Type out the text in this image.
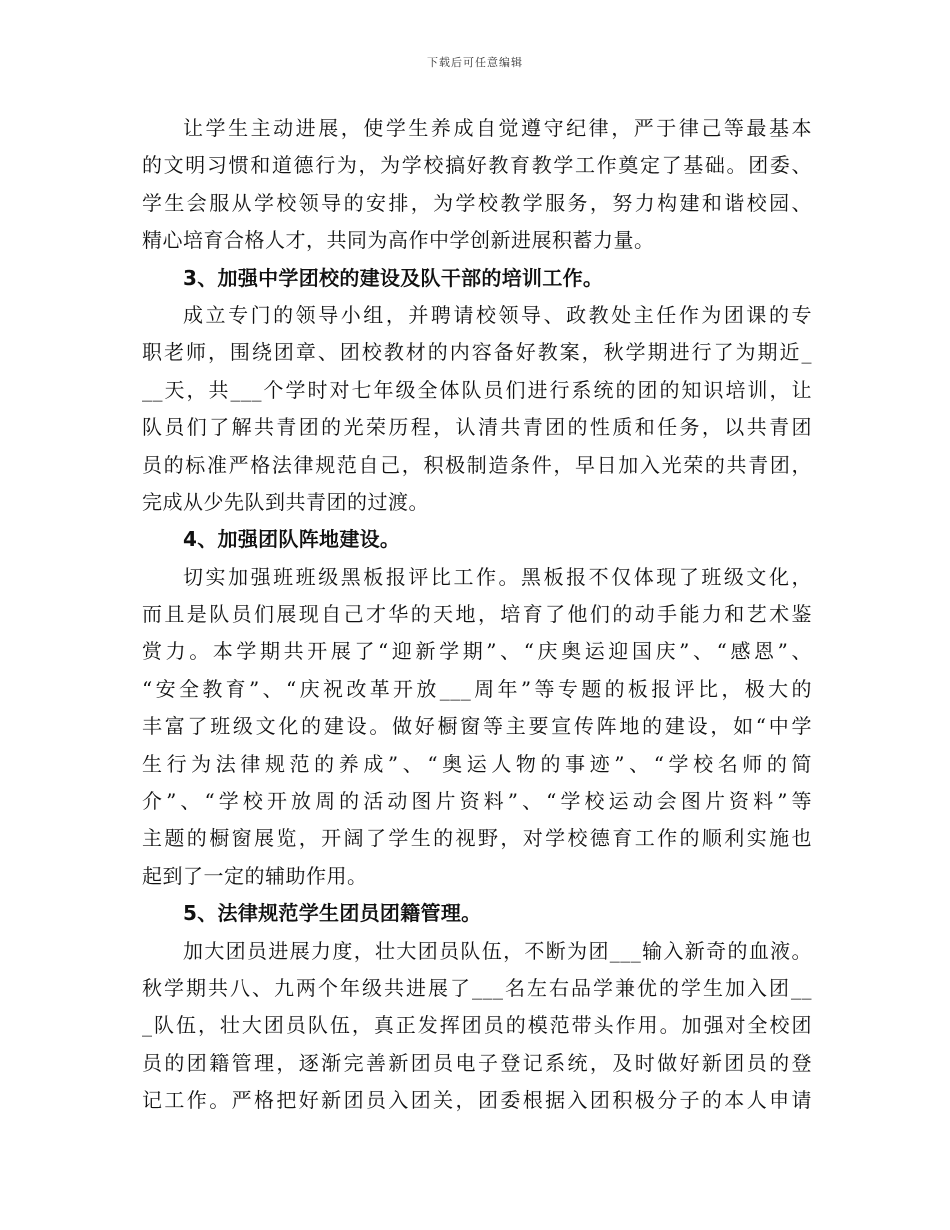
下载后可任意编辑
让学生主动进展，使学生养成自觉遵守纪律，严于律己等最基本
的文明习惯和道德行为，为学校搞好教育教学工作奠定了基础。团委、
学生会服从学校领导的安排，为学校教学服务，努力构建和谐校园、
精心培育合格人才，共同为高作中学创新进展积蓄力量。
3、加强中学团校的建设及队干部的培训工作。
成立专门的领导小组，并聘请校领导、政教处主任作为团课的专
职老师，围绕团章、团校教材的内容备好教案，秋学期进行了为期近_
__天，共___个学时对七年级全体队员们进行系统的团的知识培训，让
队员们了解共青团的光荣历程，认清共青团的性质和任务，以共青团
员的标准严格法律规范自己，积极制造条件，早日加入光荣的共青团，
完成从少先队到共青团的过渡。
4、加强团队阵地建设。
切实加强班班级黑板报评比工作。黑板报不仅体现了班级文化，
而且是队员们展现自己才华的天地，培育了他们的动手能力和艺术鉴
赏力。本学期共开展了“迎新学期”、“庆奥运迎国庆”、“感恩”、
“安全教育”、“庆祝改革开放___周年”等专题的板报评比，极大的
丰富了班级文化的建设。做好橱窗等主要宣传阵地的建设，如“中学
生行为法律规范的养成”、“奥运人物的事迹”、“学校名师的简
介”、“学校开放周的活动图片资料”、“学校运动会图片资料”等
主题的橱窗展览，开阔了学生的视野，对学校德育工作的顺利实施也
起到了一定的辅助作用。
5、法律规范学生团员团籍管理。
加大团员进展力度，壮大团员队伍，不断为团___输入新奇的血液。
秋学期共八、九两个年级共进展了___名左右品学兼优的学生加入团__
_队伍，壮大团员队伍，真正发挥团员的模范带头作用。加强对全校团
员的团籍管理，逐渐完善新团员电子登记系统，及时做好新团员的登
记工作。严格把好新团员入团关，团委根据入团积极分子的本人申请
